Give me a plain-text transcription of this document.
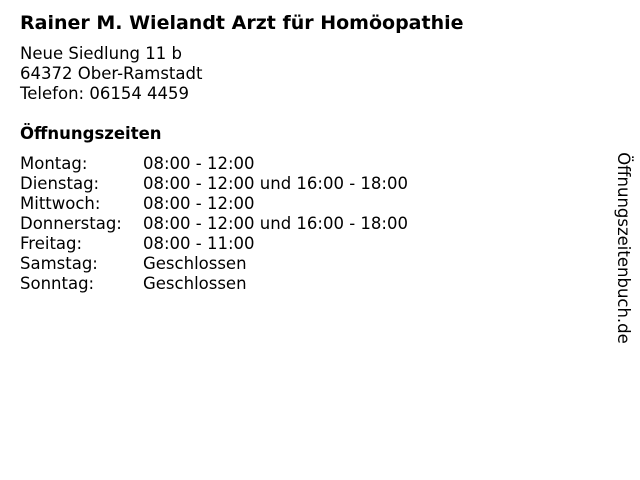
Rainer M. Wielandt Arzt für Homöopathie
Neue Siedlung 11 b
64372 Ober-Ramstadt
Telefon: 06154 4459
Öffnungszeiten
Montag:	08:00 - 12:00
Dienstag:	08:00 - 12:00 und 16:00 - 18:00
Mittwoch:	08:00 - 12:00
Donnerstag: 08:00 - 12:00 und 16:00 - 18:00
Freitag:	08:00 - 11:00
Samstag:	Geschlossen
Sonntag:	Geschlossen	Öffnungszeitenbuch.de
